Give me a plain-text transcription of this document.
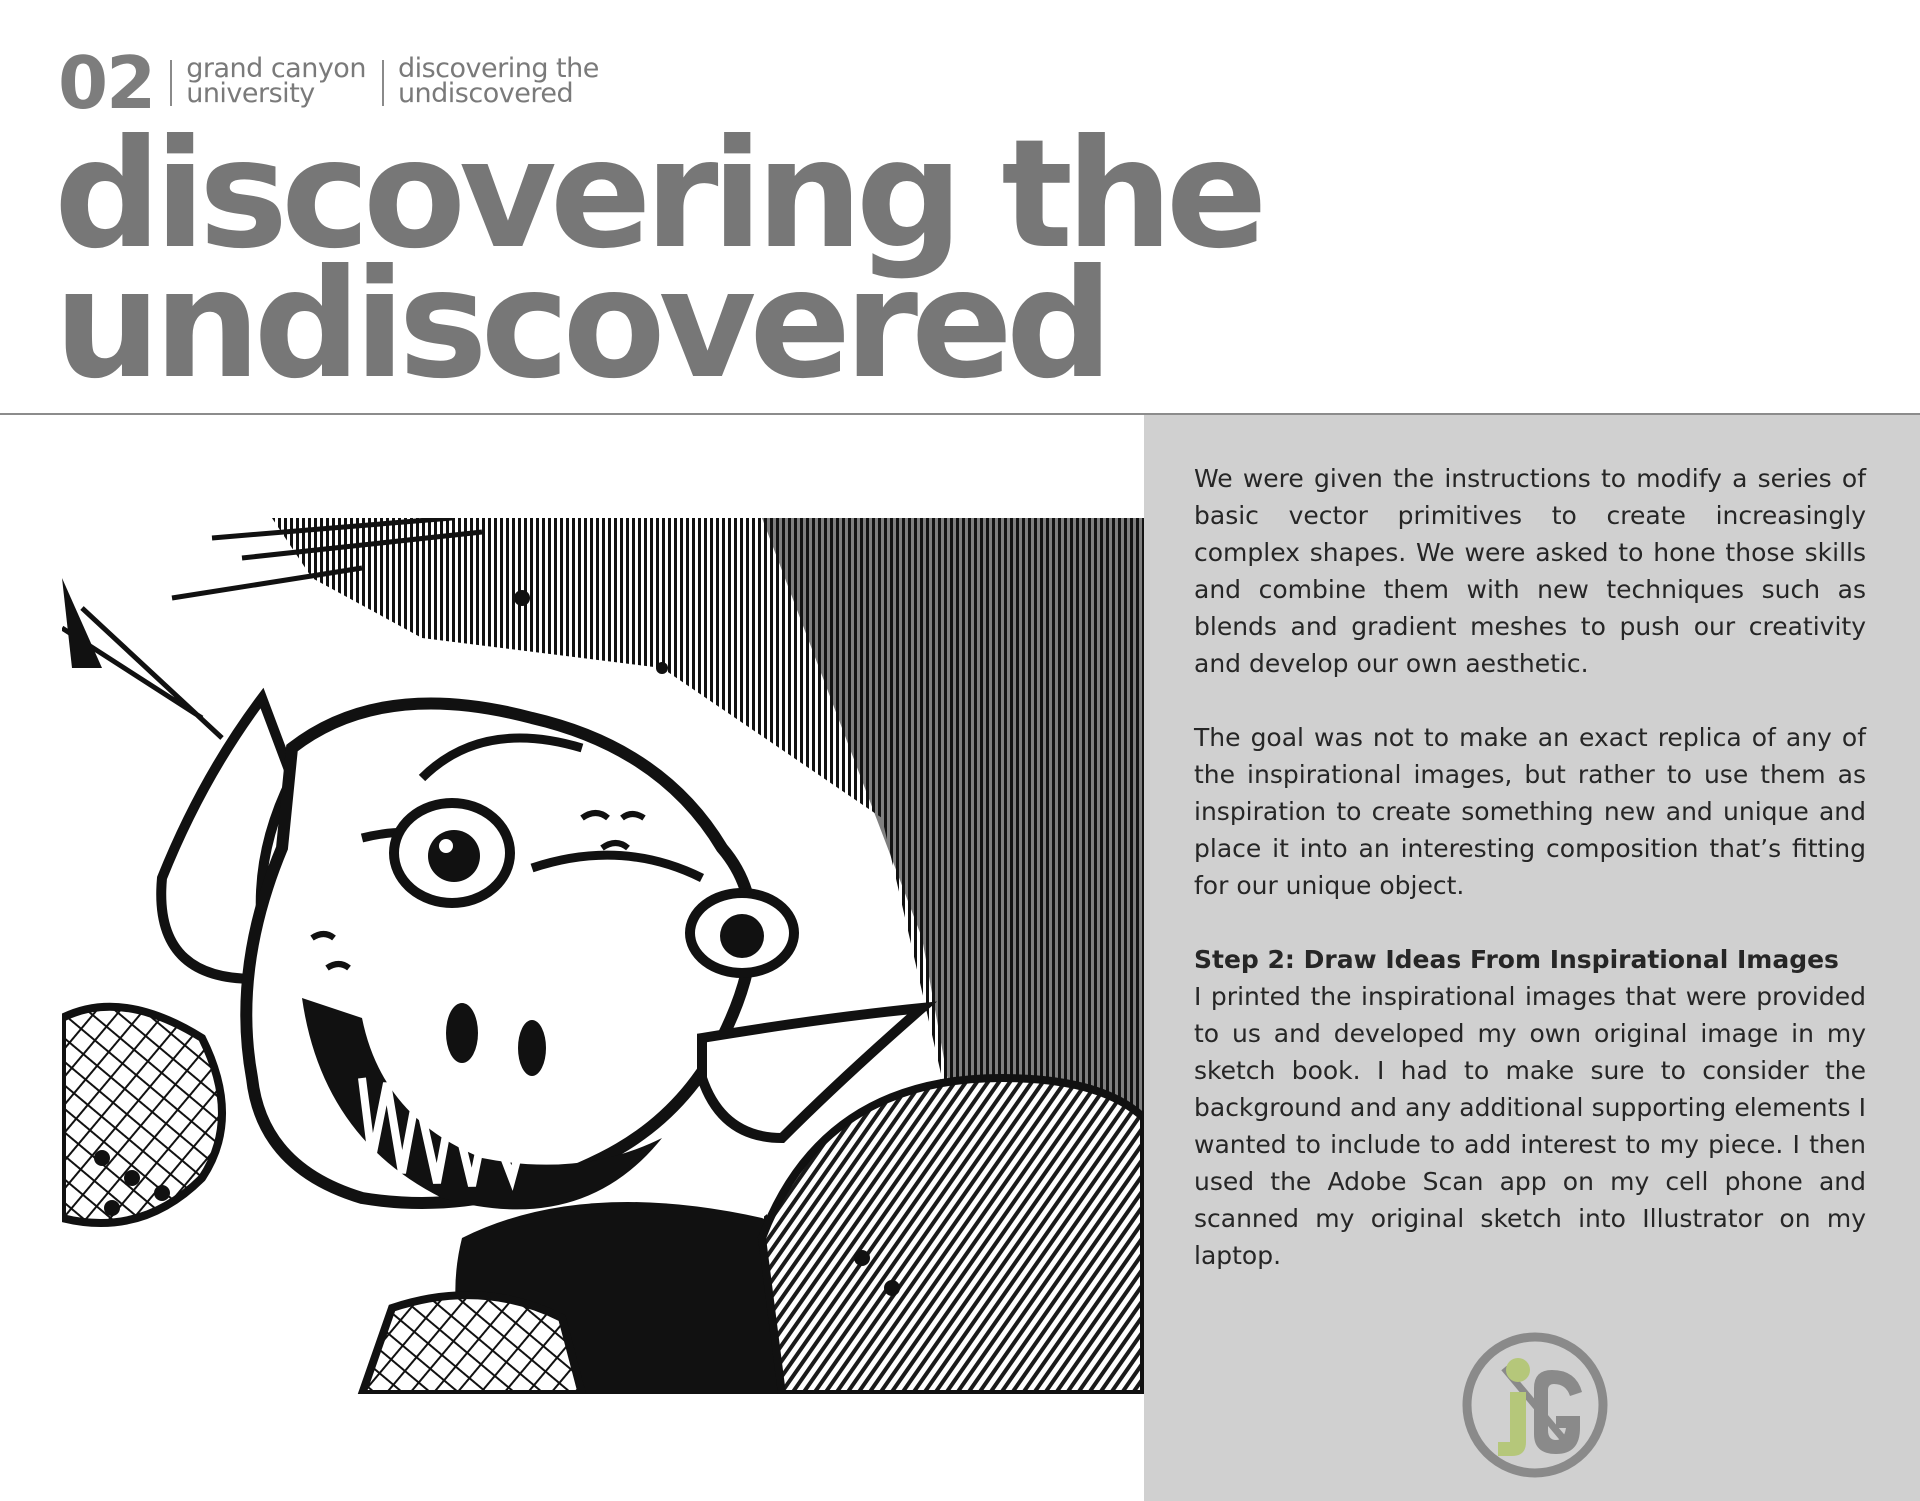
02 grand canyon
university
discovering the
undiscovered
discovering the
undiscovered

We were given the instructions to modify a series of basic vector primitives to create increasingly complex shapes. We were asked to hone those skills and combine them with new techniques such as blends and gradient meshes to push our creativity and develop our own aesthetic.

The goal was not to make an exact replica of any of the inspirational images, but rather to use them as inspiration to create something new and unique and place it into an interesting composition that’s fitting for our unique object.

Step 2: Draw Ideas From Inspirational Images
I printed the inspirational images that were provided to us and developed my own original image in my sketch book. I had to make sure to consider the background and any additional supporting elements I wanted to include to add interest to my piece. I then used the Adobe Scan app on my cell phone and scanned my original sketch into Illustrator on my laptop.
